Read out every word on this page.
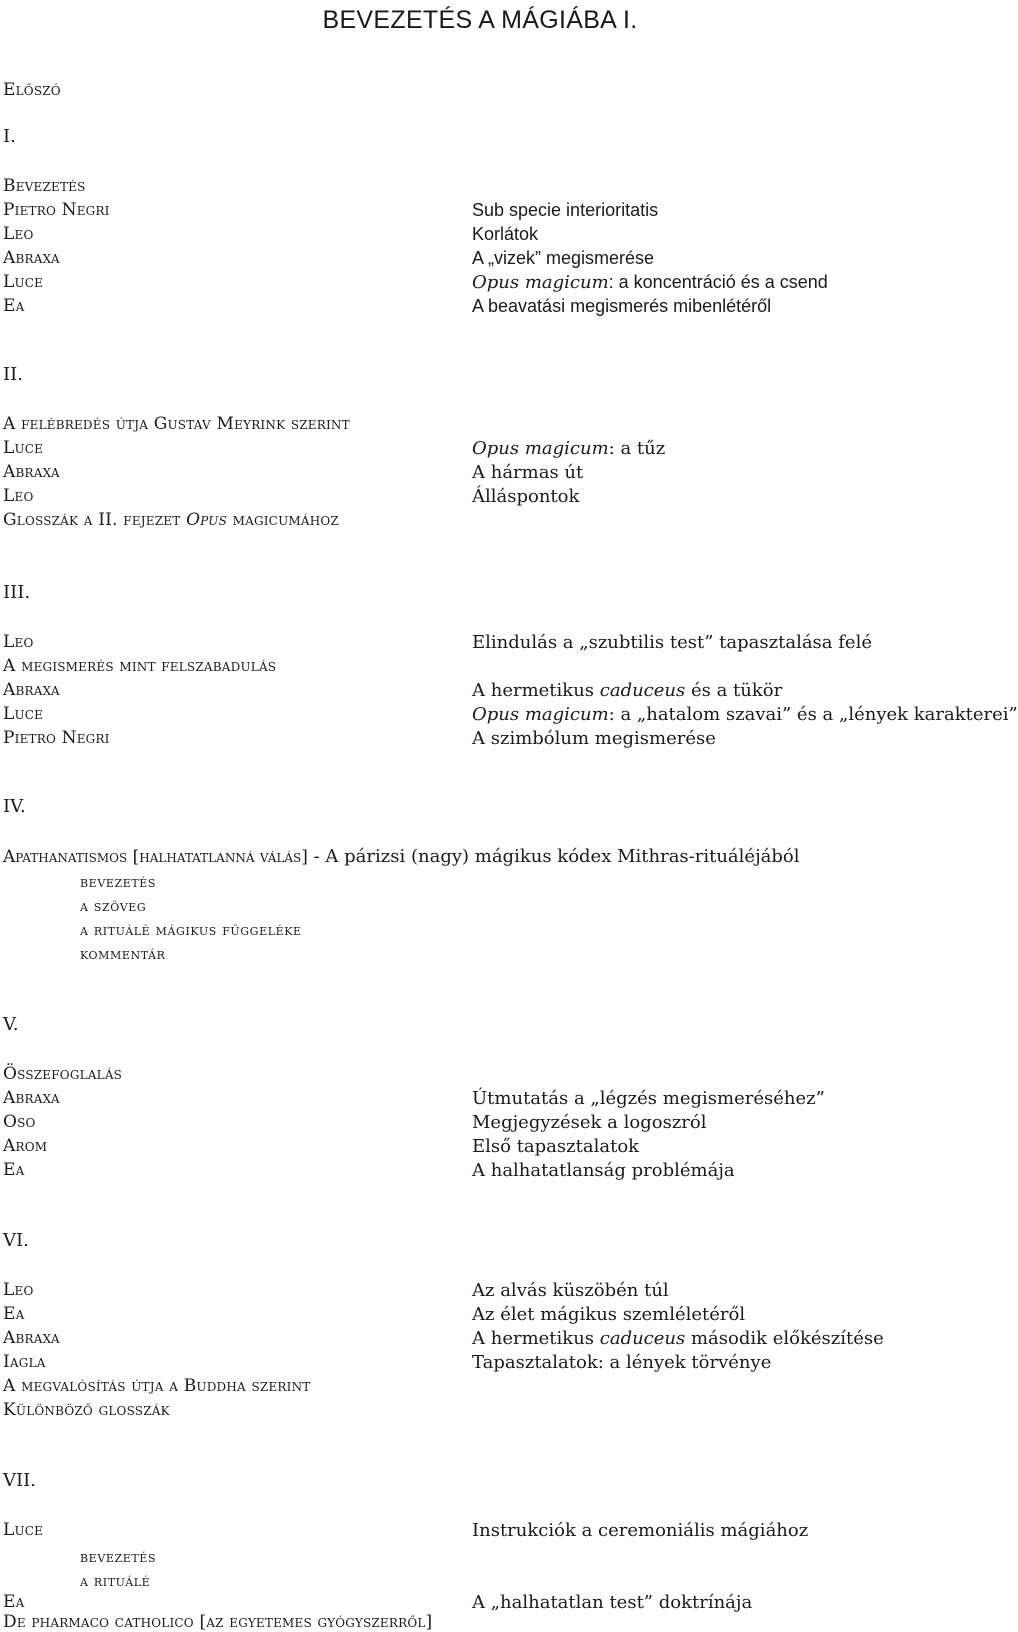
BEVEZETÉS A MÁGIÁBA I.
Előszó
I.
Bevezetés
Pietro Negri
Leo
Abraxa
Luce
Ea
Sub specie interioritatis
Korlátok
A „vizek” megismerése
Opus magicum: a koncentráció és a csend
A beavatási megismerés mibenlétéről
II.
A felébredés útja Gustav Meyrink szerint
Luce
Abraxa
Leo
Glosszák a II. fejezet Opus magicumához
Opus magicum: a tűz
A hármas út
Álláspontok
III.
Leo
A megismerés mint felszabadulás
Abraxa
Luce
Pietro Negri
Elindulás a „szubtilis test” tapasztalása felé
A hermetikus caduceus és a tükör
Opus magicum: a „hatalom szavai” és a „lények karakterei”
A szimbólum megismerése
IV.
Apathanatismos [halhatatlanná válás] - A párizsi (nagy) mágikus kódex Mithras-rituáléjából
bevezetés
a szöveg
a rituálé mágikus függeléke
kommentár
V.
Összefoglalás
Abraxa
Oso
Arom
Ea
Útmutatás a „légzés megismeréséhez”
Megjegyzések a logoszról
Első tapasztalatok
A halhatatlanság problémája
VI.
Leo
Ea
Abraxa
Iagla
A megvalósítás útja a Buddha szerint
Különböző glosszák
Az alvás küszöbén túl
Az élet mágikus szemléletéről
A hermetikus caduceus második előkészítése
Tapasztalatok: a lények törvénye
VII.
Luce
bevezetés
a rituálé
Ea
De pharmaco catholico [az egyetemes gyógyszerről]
Instrukciók a ceremoniális mágiához
A „halhatatlan test” doktrínája
